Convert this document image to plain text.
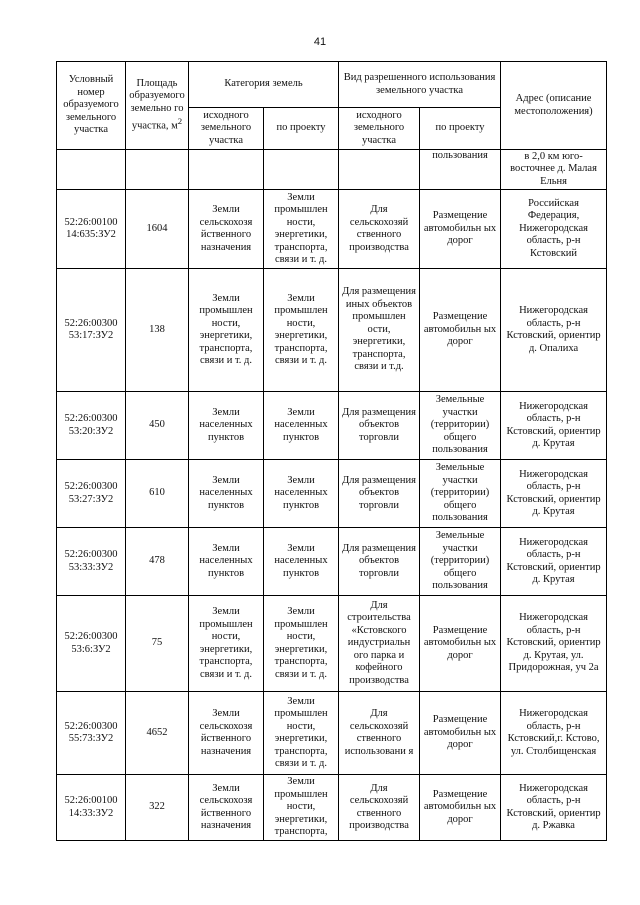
41
Условный номер образуемого земельного участка	Площадь образуемого земельно го участка, $м^2$	Категория земель		Вид разрешенного использования земельного участка		Адрес (описание местоположения)
		исходного земельного участка	по проекту	исходного земельного участка	по проекту	
					пользования	в 2,0 км юго-восточнее д. Малая Ельня
52:26:00100 14:635:ЗУ2	1604	Земли сельскохозя йственного назначения	Земли промышлен ности, энергетики, транспорта, связи и т. д.	Для сельскохозяй ственного производства	Размещение автомобильн ых дорог	Российская Федерация, Нижегородская область, р-н Кстовский
52:26:00300 53:17:ЗУ2	138	Земли промышлен ности, энергетики, транспорта, связи и т. д.	Земли промышлен ности, энергетики, транспорта, связи и т. д.	Для размещения иных объектов промышлен ости, энергетики, транспорта, связи и т.д.	Размещение автомобильн ых дорог	Нижегородская область, р-н Кстовский, ориентир д. Опалиха
52:26:00300 53:20:ЗУ2	450	Земли населенных пунктов	Земли населенных пунктов	Для размещения объектов торговли	Земельные участки (территории) общего пользования	Нижегородская область, р-н Кстовский, ориентир д. Крутая
52:26:00300 53:27:ЗУ2	610	Земли населенных пунктов	Земли населенных пунктов	Для размещения объектов торговли	Земельные участки (территории) общего пользования	Нижегородская область, р-н Кстовский, ориентир д. Крутая
52:26:00300 53:33:ЗУ2	478	Земли населенных пунктов	Земли населенных пунктов	Для размещения объектов торговли	Земельные участки (территории) общего пользования	Нижегородская область, р-н Кстовский, ориентир д. Крутая
52:26:00300 53:6:ЗУ2	75	Земли промышлен ности, энергетики, транспорта, связи и т. д.	Земли промышлен ности, энергетики, транспорта, связи и т. д.	Для строительства «Кстовского индустриальн ого парка и кофейного производства	Размещение автомобильн ых дорог	Нижегородская область, р-н Кстовский, ориентир д. Крутая, ул. Придорожная, уч 2а
52:26:00300 55:73:ЗУ2	4652	Земли сельскохозя йственного назначения	Земли промышлен ности, энергетики, транспорта, связи и т. д.	Для сельскохозяй ственного использовани я	Размещение автомобильн ых дорог	Нижегородская область, р-н Кстовский,г. Кстово, ул. Столбищенская
52:26:00100 14:33:ЗУ2	322	Земли сельскохозя йственного назначения	Земли промышлен ности, энергетики, транспорта,	Для сельскохозяй ственного производства	Размещение автомобильн ых дорог	Нижегородская область, р-н Кстовский, ориентир д. Ржавка
